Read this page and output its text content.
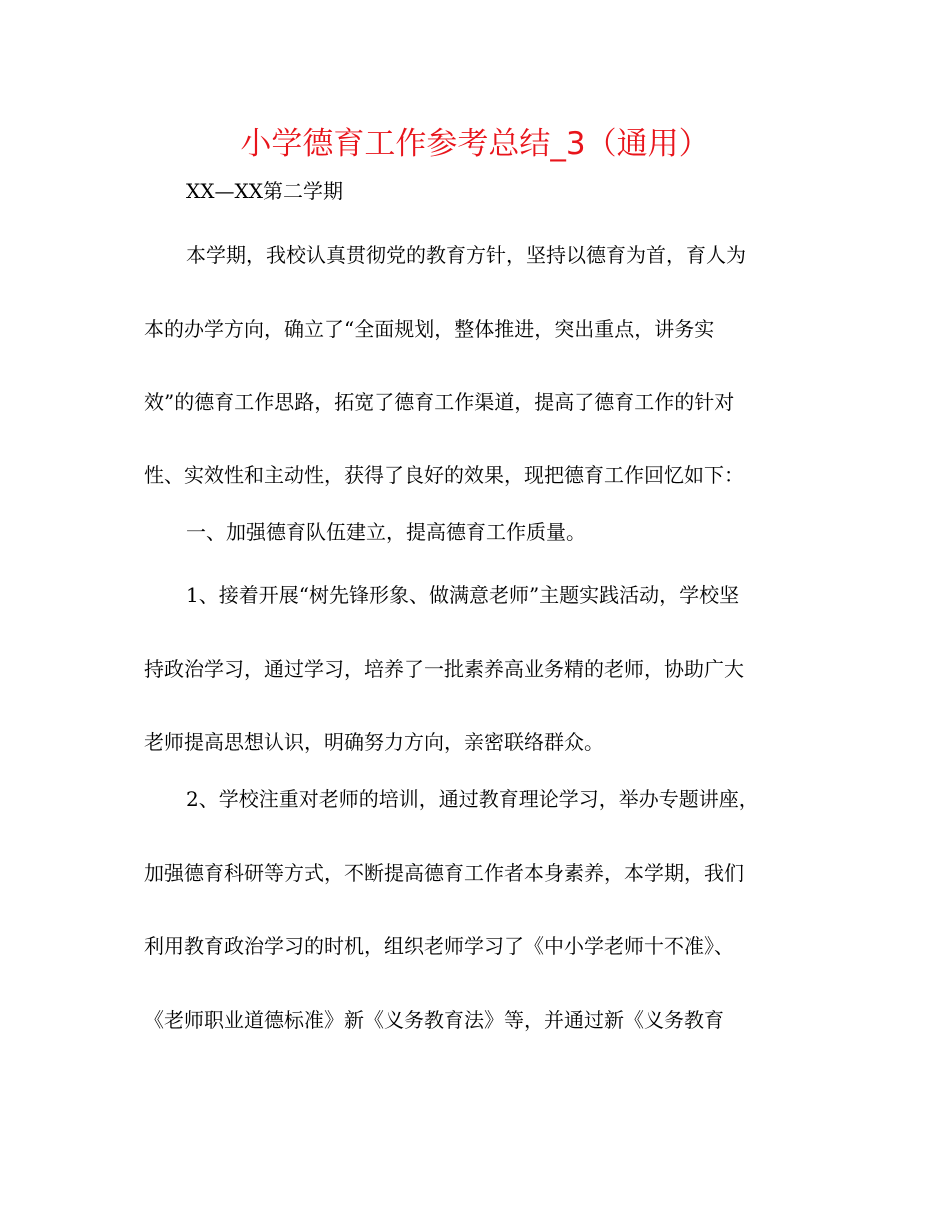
小学德育工作参考总结_3（通用）

XX—XX第二学期

本学期，我校认真贯彻党的教育方针，坚持以德育为首，育人为

本的办学方向，确立了“全面规划，整体推进，突出重点，讲务实

效”的德育工作思路，拓宽了德育工作渠道，提高了德育工作的针对

性、实效性和主动性，获得了良好的效果，现把德育工作回忆如下：

一、加强德育队伍建立，提高德育工作质量。

1、接着开展“树先锋形象、做满意老师”主题实践活动，学校坚

持政治学习，通过学习，培养了一批素养高业务精的老师，协助广大

老师提高思想认识，明确努力方向，亲密联络群众。

2、学校注重对老师的培训，通过教育理论学习，举办专题讲座，

加强德育科研等方式，不断提高德育工作者本身素养，本学期，我们

利用教育政治学习的时机，组织老师学习了《中小学老师十不准》、

《老师职业道德标准》新《义务教育法》等，并通过新《义务教育
